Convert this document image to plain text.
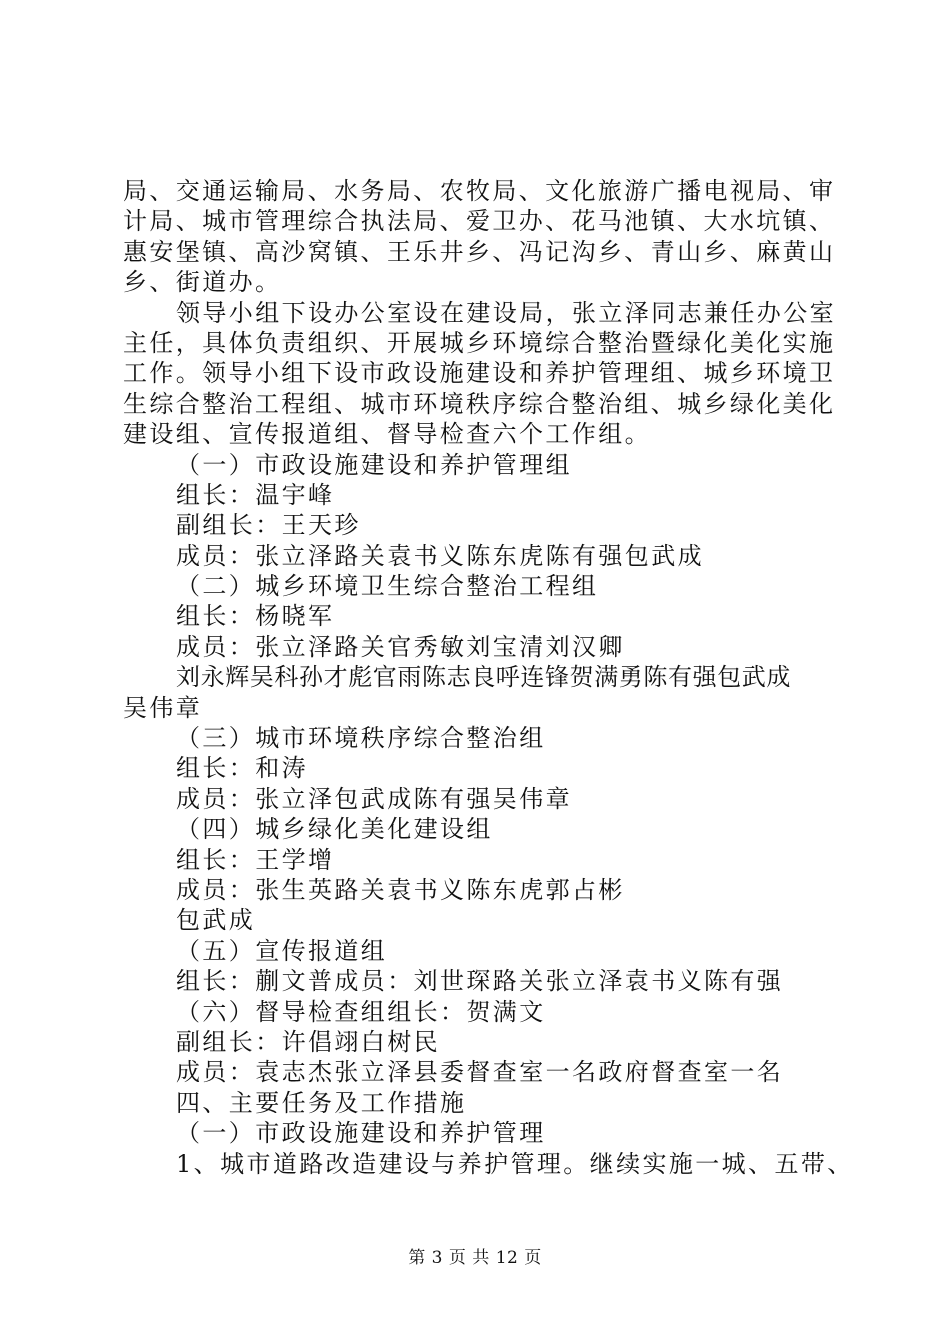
局、交通运输局、水务局、农牧局、文化旅游广播电视局、审
计局、城市管理综合执法局、爱卫办、花马池镇、大水坑镇、
惠安堡镇、高沙窝镇、王乐井乡、冯记沟乡、青山乡、麻黄山
乡、街道办。
领导小组下设办公室设在建设局，张立泽同志兼任办公室
主任，具体负责组织、开展城乡环境综合整治暨绿化美化实施
工作。领导小组下设市政设施建设和养护管理组、城乡环境卫
生综合整治工程组、城市环境秩序综合整治组、城乡绿化美化
建设组、宣传报道组、督导检查六个工作组。
（一）市政设施建设和养护管理组
组长：温宇峰
副组长：王天珍
成员：张立泽路关袁书义陈东虎陈有强包武成
（二）城乡环境卫生综合整治工程组
组长：杨晓军
成员：张立泽路关官秀敏刘宝清刘汉卿
刘永辉吴科孙才彪官雨陈志良呼连锋贺满勇陈有强包武成
吴伟章
（三）城市环境秩序综合整治组
组长：和涛
成员：张立泽包武成陈有强吴伟章
（四）城乡绿化美化建设组
组长：王学增
成员：张生英路关袁书义陈东虎郭占彬
包武成
（五）宣传报道组
组长：蒯文普成员：刘世琛路关张立泽袁书义陈有强
（六）督导检查组组长：贺满文
副组长：许倡翊白树民
成员：袁志杰张立泽县委督查室一名政府督查室一名
四、主要任务及工作措施
（一）市政设施建设和养护管理
1、城市道路改造建设与养护管理。继续实施一城、五带、
第 3 页 共 12 页
